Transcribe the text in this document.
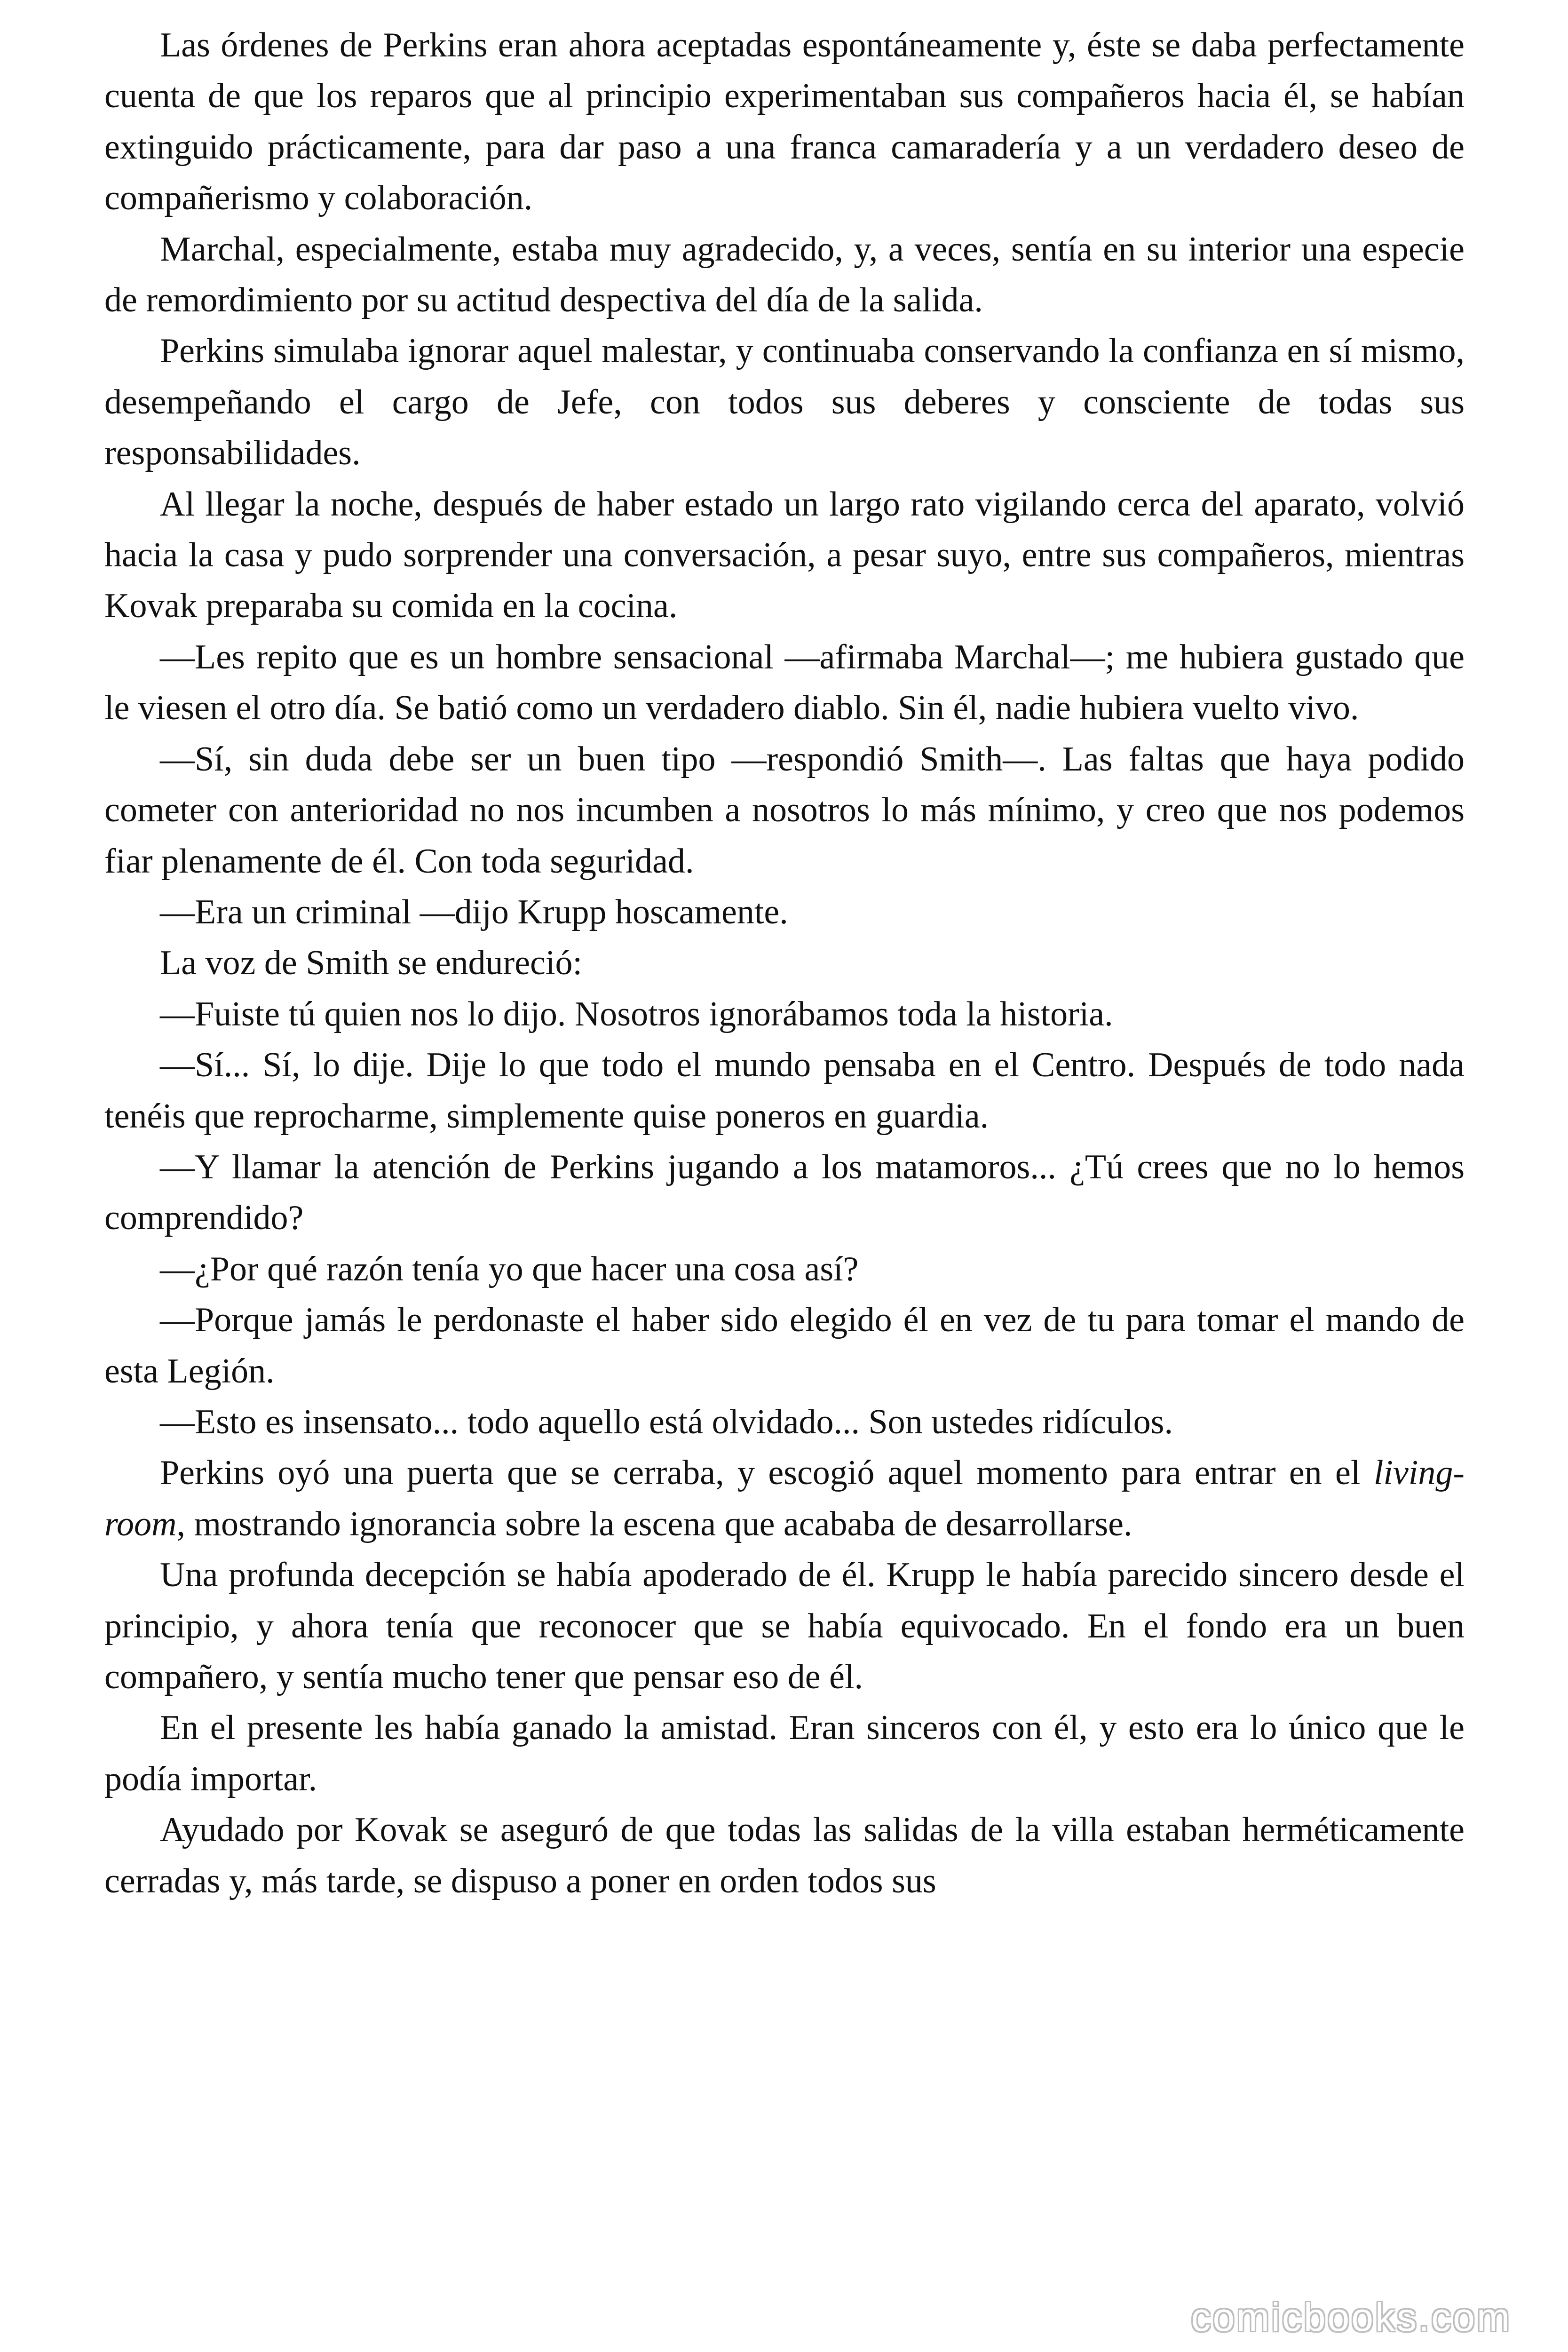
Las órdenes de Perkins eran ahora aceptadas espontáneamente y, éste se daba perfectamente cuenta de que los reparos que al principio experimentaban sus compañeros hacia él, se habían extinguido prácticamente, para dar paso a una franca camaradería y a un verdadero deseo de compañerismo y colaboración.

Marchal, especialmente, estaba muy agradecido, y, a veces, sentía en su interior una especie de remordimiento por su actitud despectiva del día de la salida.

Perkins simulaba ignorar aquel malestar, y continuaba conservando la confianza en sí mismo, desempeñando el cargo de Jefe, con todos sus deberes y consciente de todas sus responsabilidades.

Al llegar la noche, después de haber estado un largo rato vigilando cerca del aparato, volvió hacia la casa y pudo sorprender una conversación, a pesar suyo, entre sus compañeros, mientras Kovak preparaba su comida en la cocina.

—Les repito que es un hombre sensacional —afirmaba Marchal—; me hubiera gustado que le viesen el otro día. Se batió como un verdadero diablo. Sin él, nadie hubiera vuelto vivo.

—Sí, sin duda debe ser un buen tipo —respondió Smith—. Las faltas que haya podido cometer con anterioridad no nos incumben a nosotros lo más mínimo, y creo que nos podemos fiar plenamente de él. Con toda seguridad.

—Era un criminal —dijo Krupp hoscamente.

La voz de Smith se endureció:

—Fuiste tú quien nos lo dijo. Nosotros ignorábamos toda la historia.

—Sí... Sí, lo dije. Dije lo que todo el mundo pensaba en el Centro. Después de todo nada tenéis que reprocharme, simplemente quise poneros en guardia.

—Y llamar la atención de Perkins jugando a los matamoros... ¿Tú crees que no lo hemos comprendido?

—¿Por qué razón tenía yo que hacer una cosa así?

—Porque jamás le perdonaste el haber sido elegido él en vez de tu para tomar el mando de esta Legión.

—Esto es insensato... todo aquello está olvidado... Son ustedes ridículos.

Perkins oyó una puerta que se cerraba, y escogió aquel momento para entrar en el living-room, mostrando ignorancia sobre la escena que acababa de desarrollarse.

Una profunda decepción se había apoderado de él. Krupp le había parecido sincero desde el principio, y ahora tenía que reconocer que se había equivocado. En el fondo era un buen compañero, y sentía mucho tener que pensar eso de él.

En el presente les había ganado la amistad. Eran sinceros con él, y esto era lo único que le podía importar.

Ayudado por Kovak se aseguró de que todas las salidas de la villa estaban herméticamente cerradas y, más tarde, se dispuso a poner en orden todos sus

comicbooks.com
